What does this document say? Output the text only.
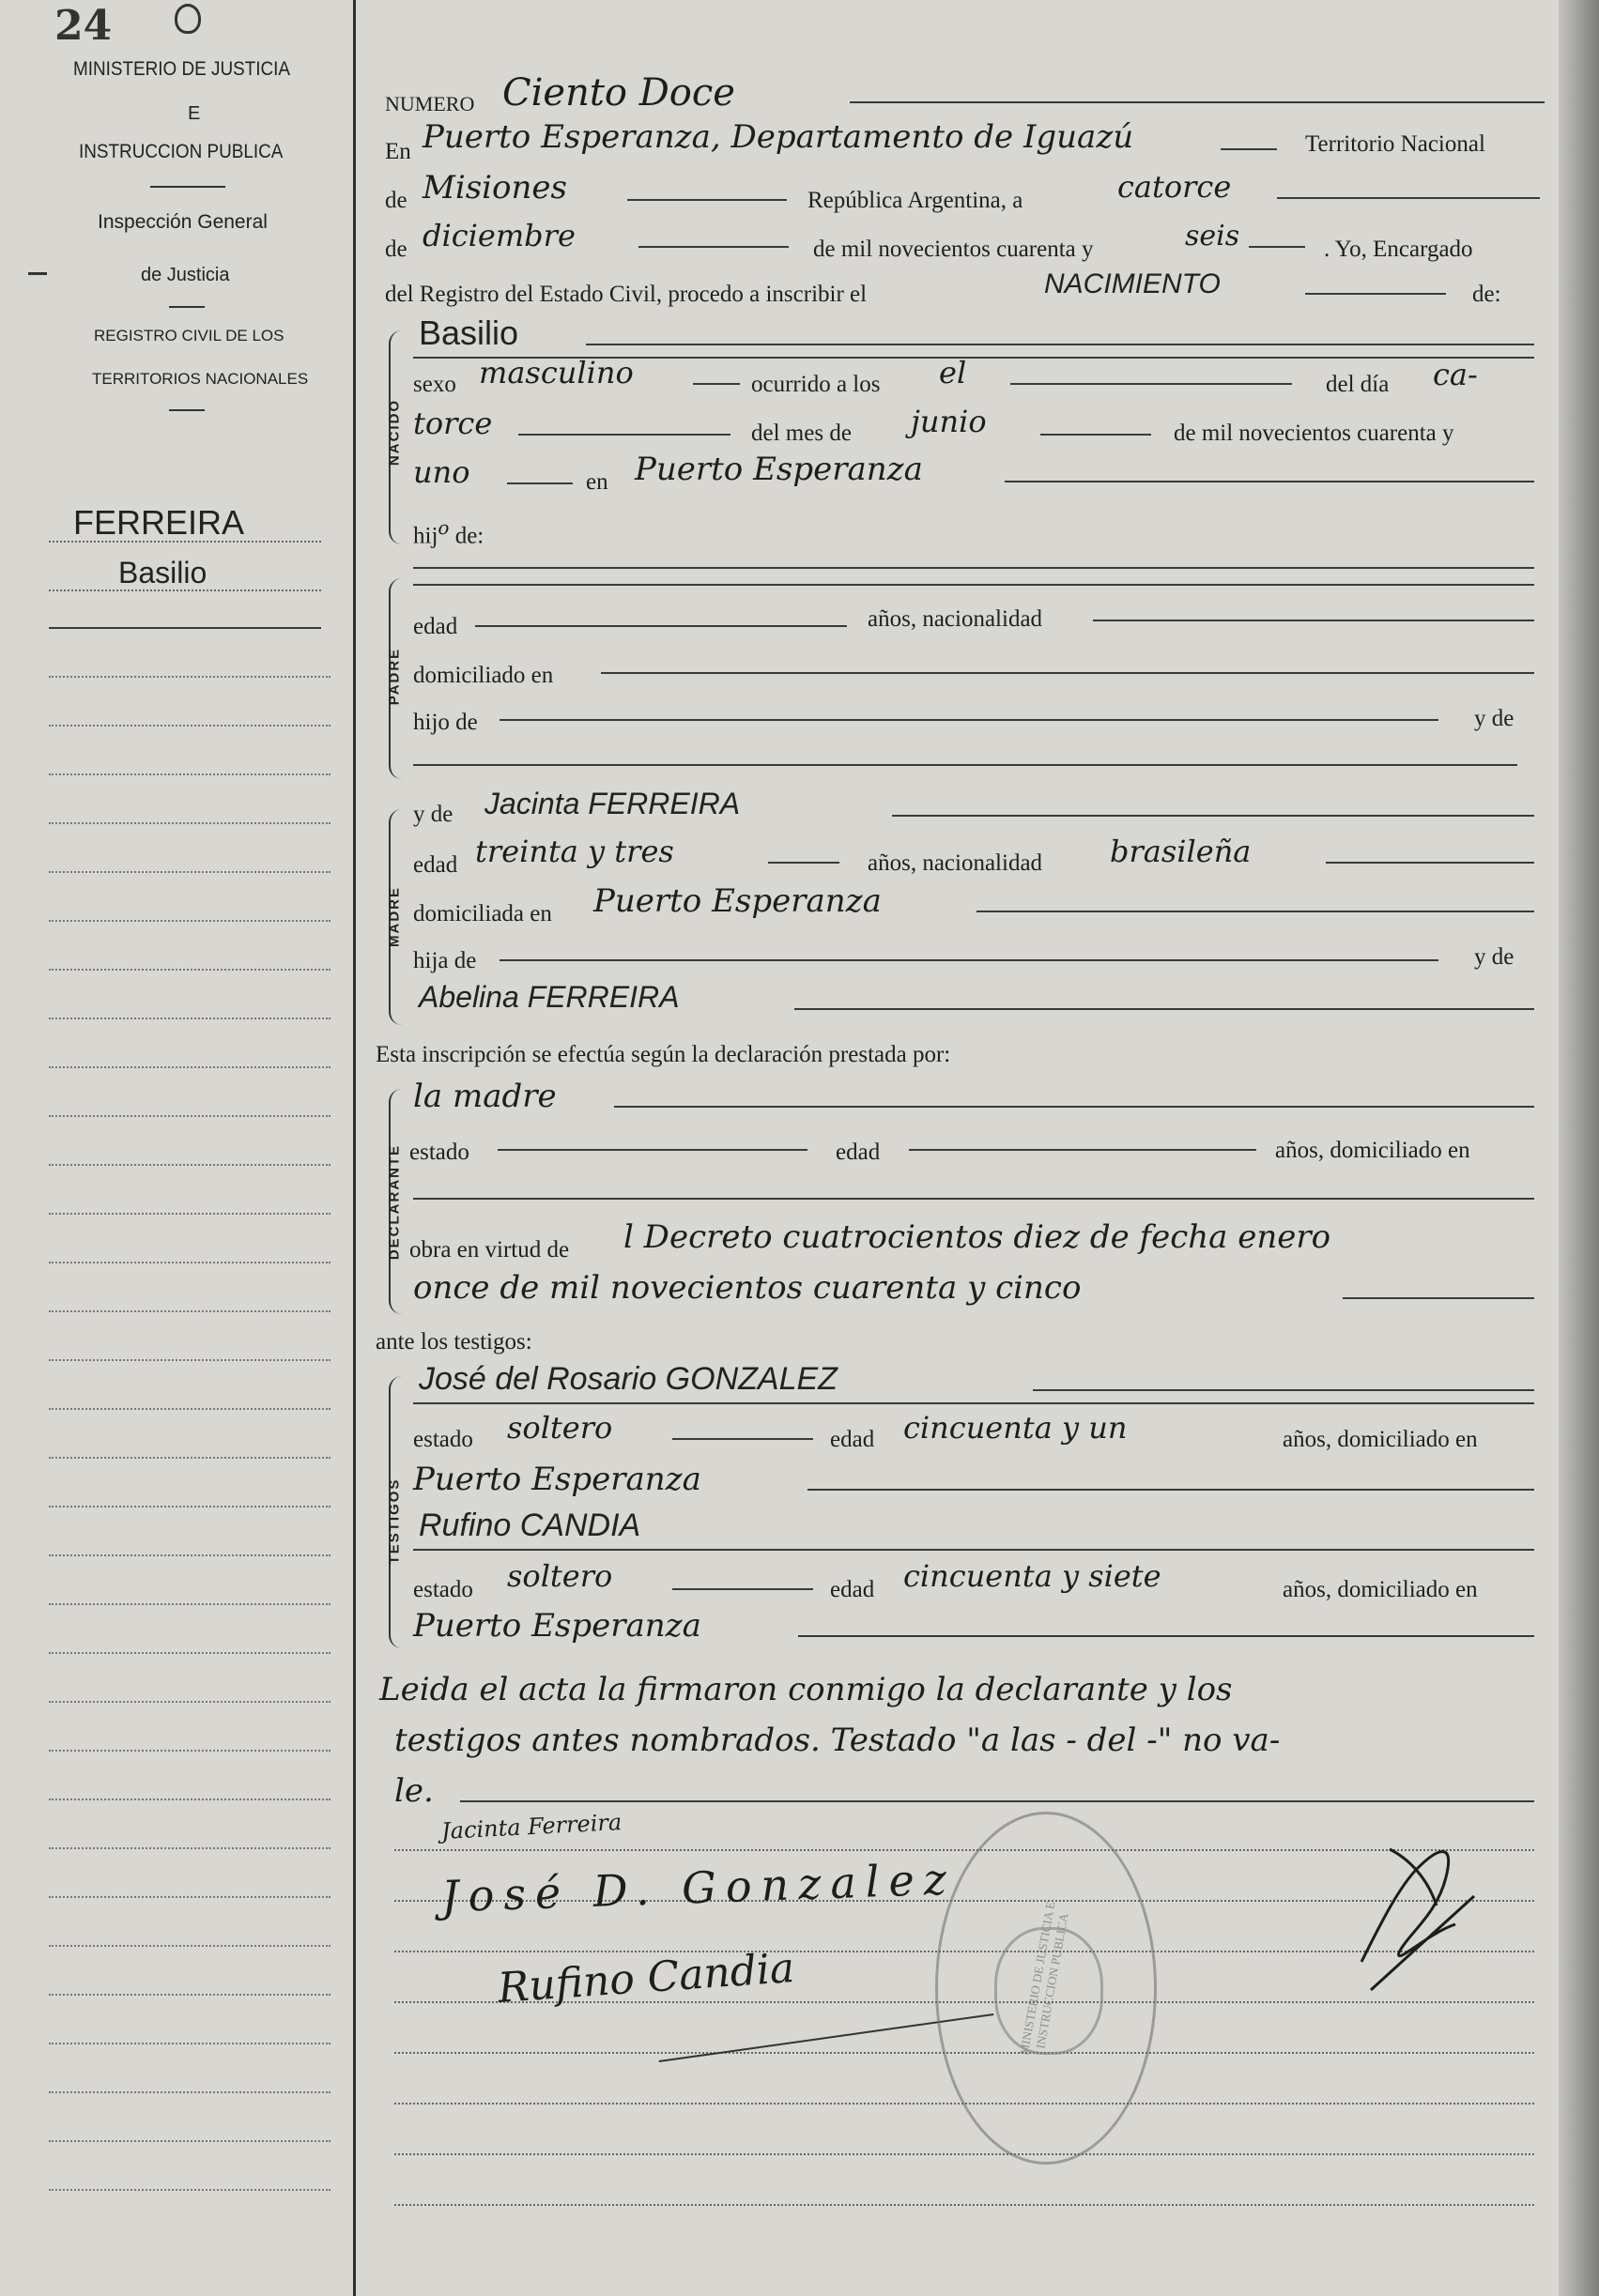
24
MINISTERIO DE JUSTICIA
E
INSTRUCCION PUBLICA
Inspección General
de Justicia
REGISTRO CIVIL DE LOS
TERRITORIOS NACIONALES
FERREIRA
Basilio
NUMERO Ciento Doce
En Puerto Esperanza, Departamento de Iguazú	Territorio Nacional
de Misiones	República Argentina, a	catorce
de diciembre	de mil novecientos cuarenta y	seis	. Yo, Encargado
del Registro del Estado Civil, procedo a inscribir el	NACIMIENTO	de:
NACIDO
Basilio
sexo masculino	ocurrido a los el	del día ca-
torce	del mes de junio	de mil novecientos cuarenta y
uno	en Puerto Esperanza
hij$^o$ de:
PADRE
edad	años, nacionalidad
domiciliado en
hijo de	y de
MADRE
y de Jacinta FERREIRA
edad treinta y tres	años, nacionalidad brasileña
domiciliada en Puerto Esperanza
hija de	y de
Abelina FERREIRA
Esta inscripción se efectúa según la declaración prestada por:
DECLARANTE
la madre
estado	edad	años, domiciliado en
obra en virtud de l Decreto cuatrocientos diez de fecha enero
once de mil novecientos cuarenta y cinco
ante los testigos:
TESTIGOS
José del Rosario GONZALEZ
estado soltero	edad cincuenta y un	años, domiciliado en
Puerto Esperanza
Rufino CANDIA
estado soltero	edad cincuenta y siete	años, domiciliado en
Puerto Esperanza
Leida el acta la firmaron conmigo la declarante y los
testigos antes nombrados. Testado "a las - del -" no va-
le.
Jacinta Ferreira
José D. Gonzalez
Rufino Candia	MINISTERIO DE JUSTICIA E INSTRUCCION PUBLICA
